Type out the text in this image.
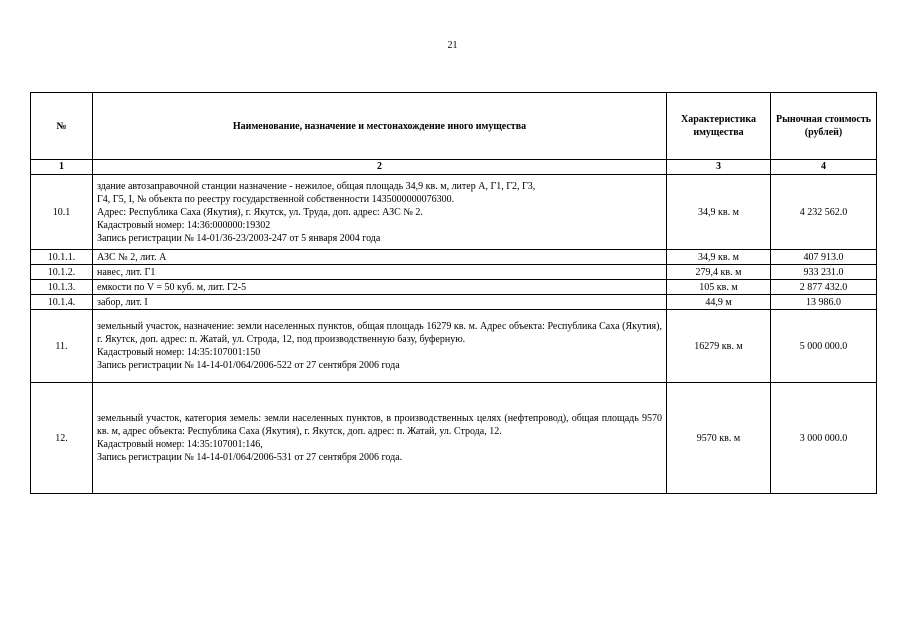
21
№	Наименование, назначение и местонахождение иного имущества	Характеристика имущества	Рыночная стоимость (рублей)
1	2	3	4
10.1	здание автозаправочной станции назначение - нежилое, общая площадь 34,9 кв. м, литер А, Г1, Г2, Г3,
Г4, Г5, I, № объекта по реестру государственной собственности 1435000000076300.
Адрес: Республика Саха (Якутия), г. Якутск, ул. Труда, доп. адрес: АЗС № 2.
Кадастровый номер: 14:36:000000:19302
Запись регистрации № 14-01/36-23/2003-247 от 5 января 2004 года	34,9 кв. м	4 232 562.0
10.1.1.	АЗС № 2, лит. А	34,9 кв. м	407 913.0
10.1.2.	навес, лит. Г1	279,4 кв. м	933 231.0
10.1.3.	емкости по V = 50 куб. м, лит. Г2-5	105 кв. м	2 877 432.0
10.1.4.	забор, лит. I	44,9 м	13 986.0
11.	земельный участок, назначение: земли населенных пунктов, общая площадь 16279 кв. м. Адрес объекта: Республика Саха (Якутия), г. Якутск, доп. адрес: п. Жатай, ул. Строда, 12, под производственную базу, буферную.
Кадастровый номер: 14:35:107001:150
Запись регистрации № 14-14-01/064/2006-522 от 27 сентября 2006 года	16279 кв. м	5 000 000.0
12.	земельный участок, категория земель: земли населенных пунктов, в производственных целях (нефтепровод), общая площадь 9570 кв. м, адрес объекта: Республика Саха (Якутия), г. Якутск, доп. адрес: п. Жатай, ул. Строда, 12.
Кадастровый номер: 14:35:107001:146,
Запись регистрации № 14-14-01/064/2006-531 от 27 сентября 2006 года.	9570 кв. м	3 000 000.0
